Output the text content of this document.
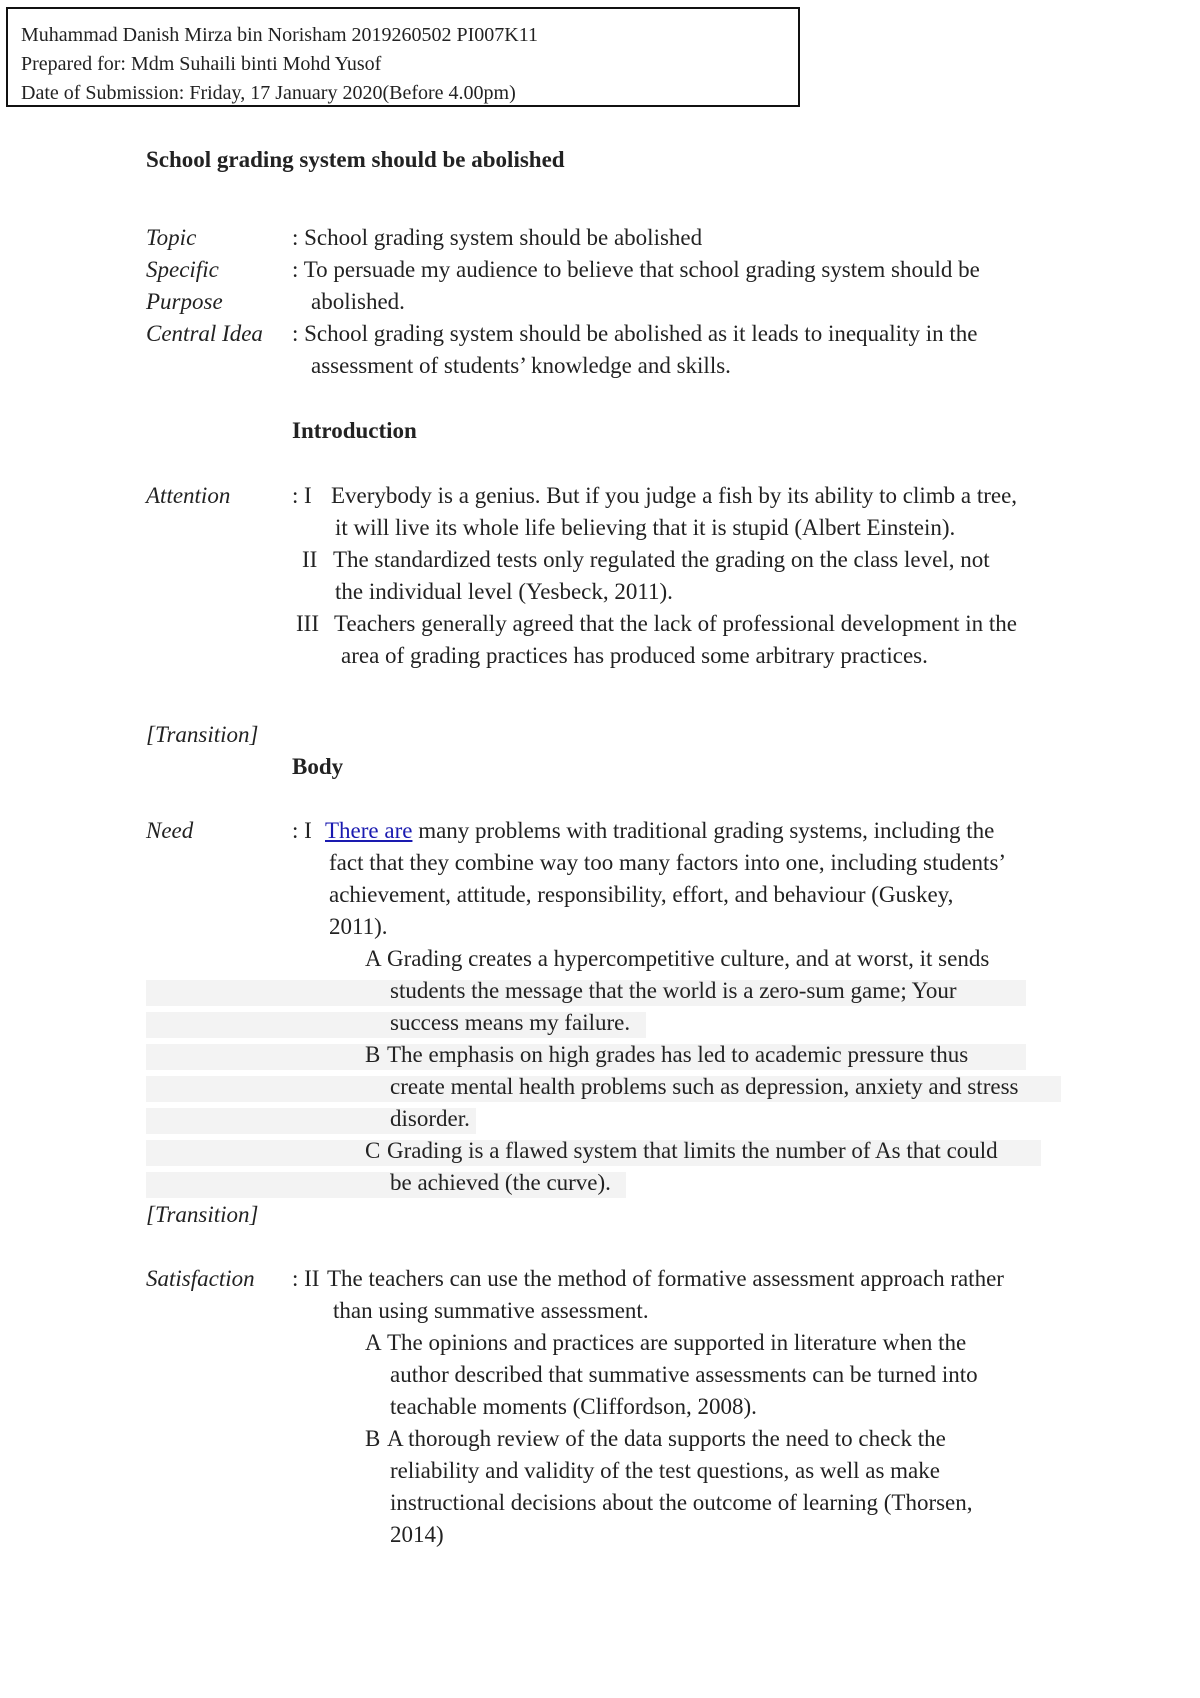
Muhammad Danish Mirza bin Norisham 2019260502 PI007K11
Prepared for: Mdm Suhaili binti Mohd Yusof
Date of Submission: Friday, 17 January 2020(Before 4.00pm)
School grading system should be abolished
Topic	: School grading system should be abolished
Specific
Purpose
: To persuade my audience to believe that school grading system should be
abolished.
Central Idea : School grading system should be abolished as it leads to inequality in the
assessment of students’ knowledge and skills.
Introduction
Attention	: I Everybody is a genius. But if you judge a fish by its ability to climb a tree,
it will live its whole life believing that it is stupid (Albert Einstein).
II The standardized tests only regulated the grading on the class level, not
the individual level (Yesbeck, 2011).
III Teachers generally agreed that the lack of professional development in the
area of grading practices has produced some arbitrary practices.
[Transition]
Body
Need	: I There are many problems with traditional grading systems, including the
fact that they combine way too many factors into one, including students’
achievement, attitude, responsibility, effort, and behaviour (Guskey,
2011).
A Grading creates a hypercompetitive culture, and at worst, it sends
students the message that the world is a zero-sum game; Your
success means my failure.
B The emphasis on high grades has led to academic pressure thus
create mental health problems such as depression, anxiety and stress
disorder.
C Grading is a flawed system that limits the number of As that could
be achieved (the curve).
[Transition]
Satisfaction : II The teachers can use the method of formative assessment approach rather
than using summative assessment.
A The opinions and practices are supported in literature when the
author described that summative assessments can be turned into
teachable moments (Cliffordson, 2008).
B A thorough review of the data supports the need to check the
reliability and validity of the test questions, as well as make
instructional decisions about the outcome of learning (Thorsen,
2014)
